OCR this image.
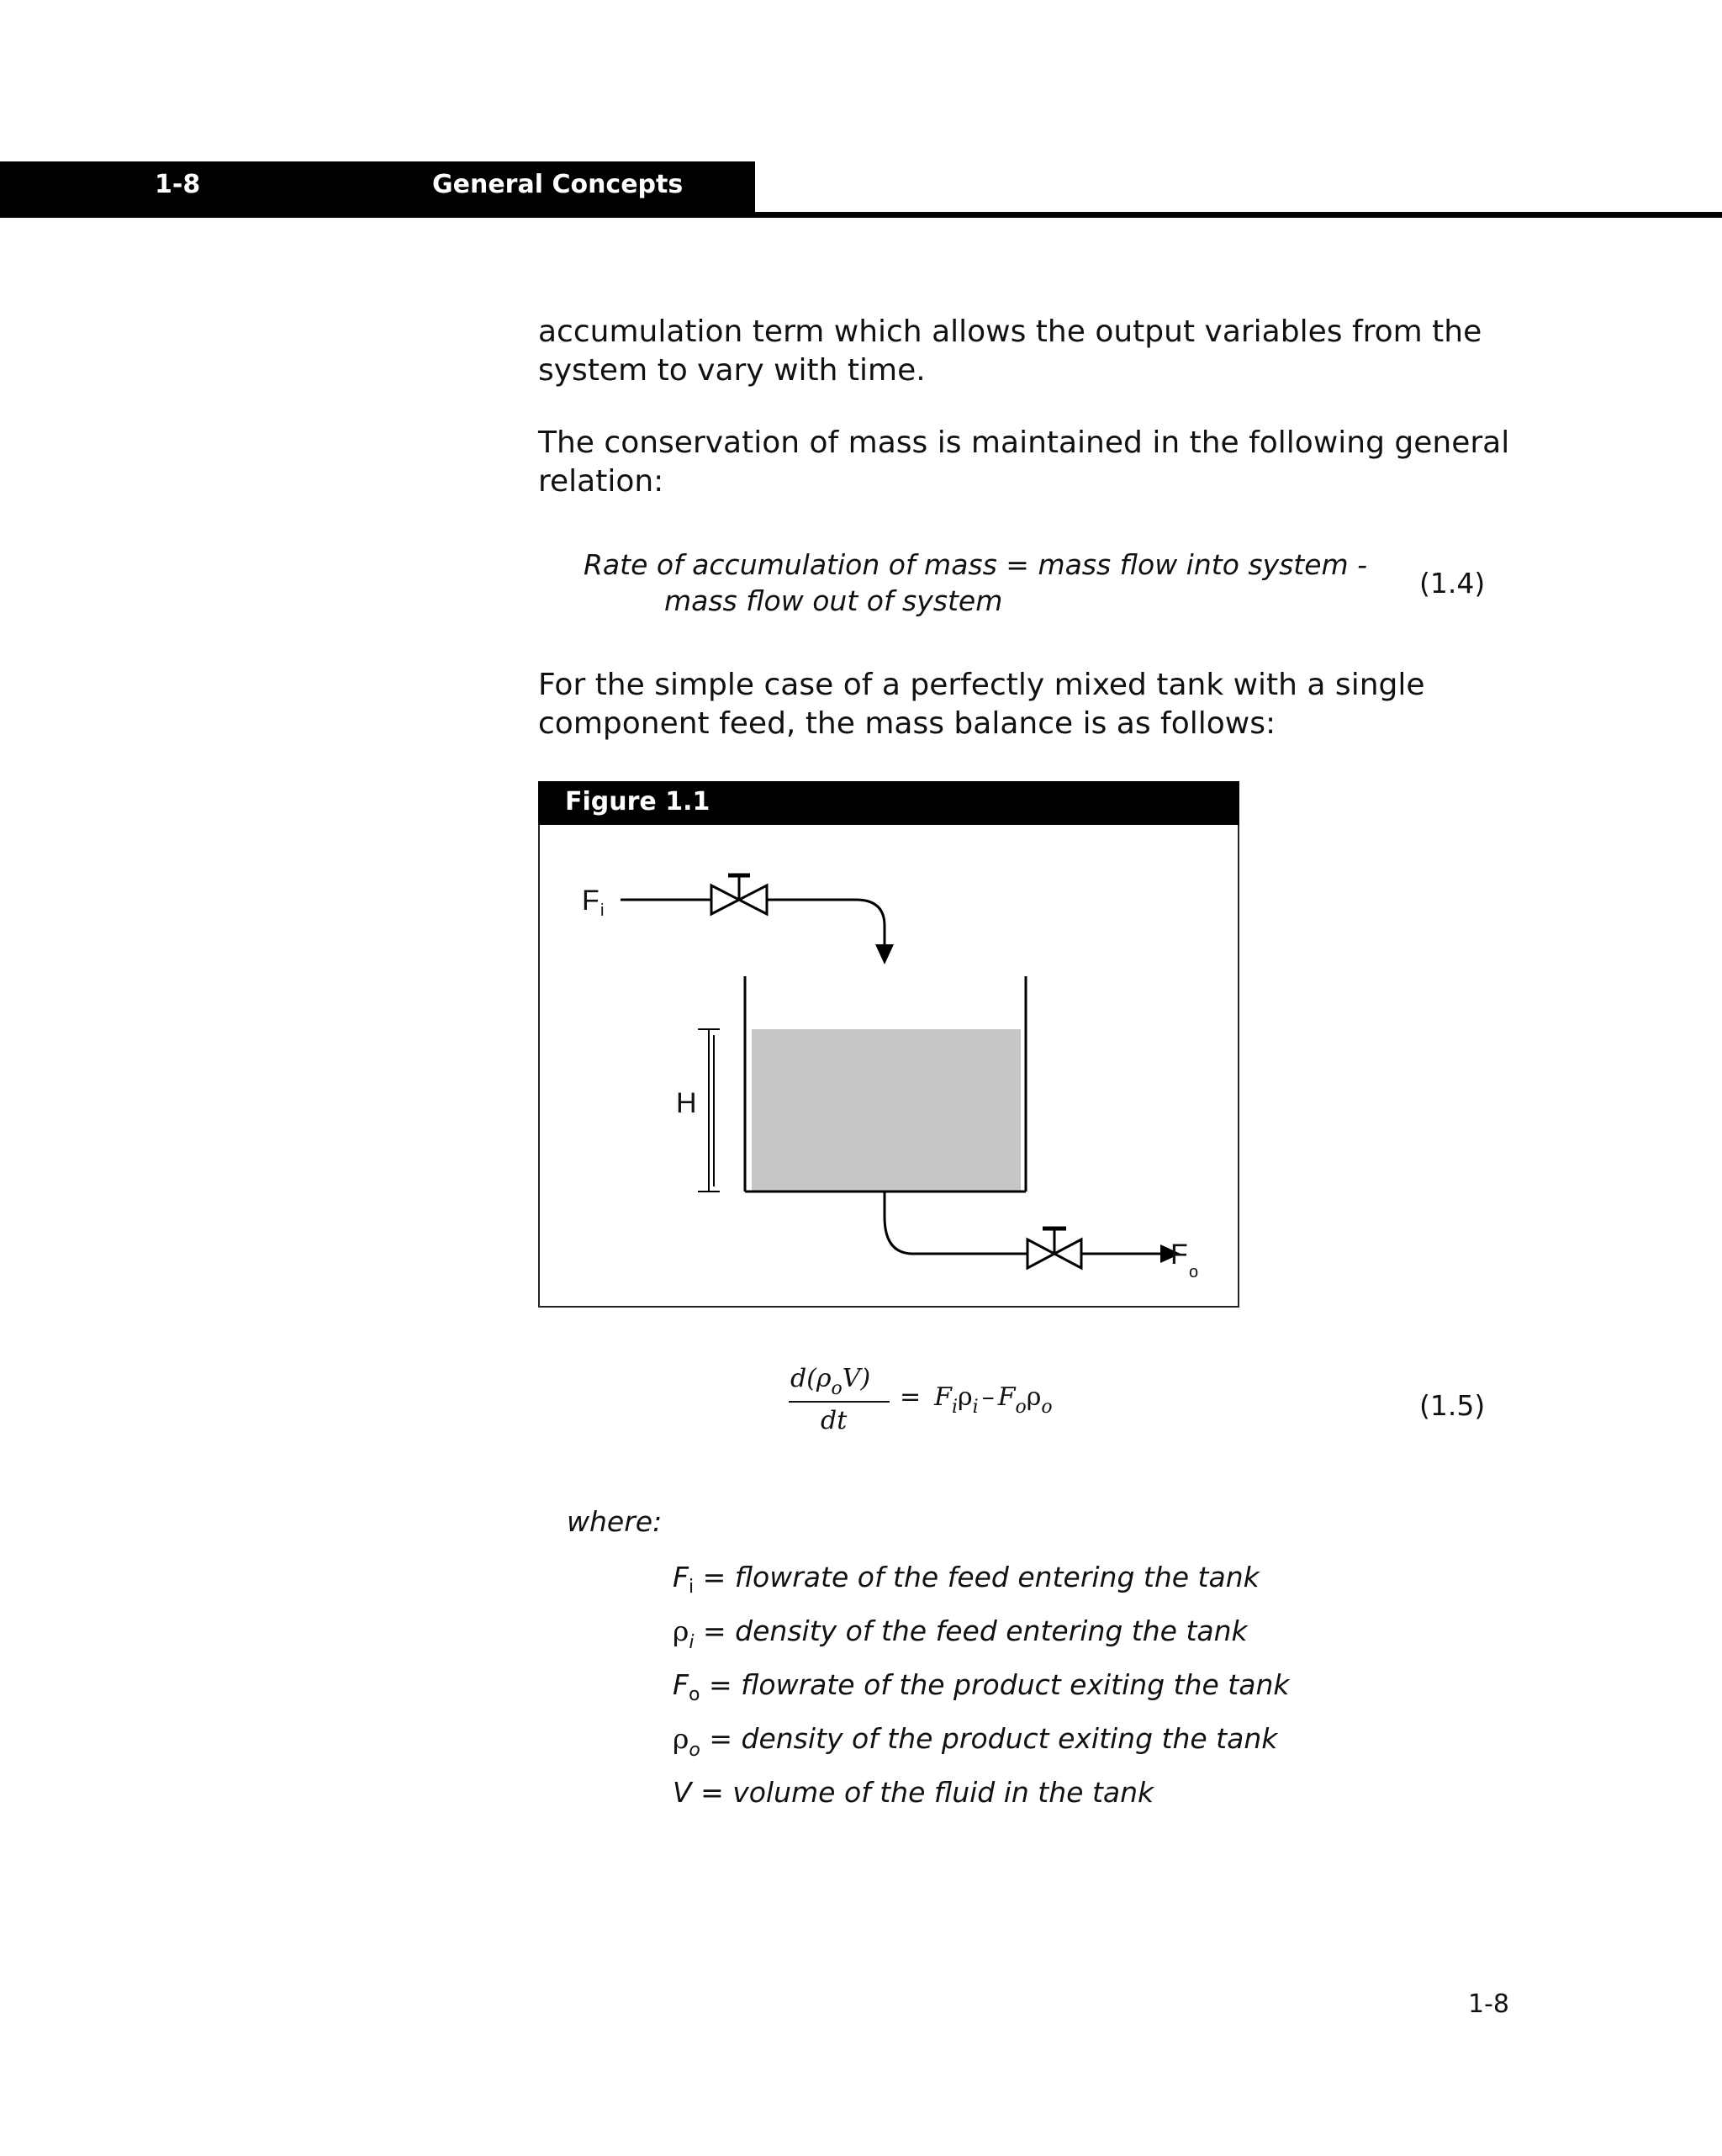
1-8	General Concepts
accumulation term which allows the output variables from the system to vary with time.
The conservation of mass is maintained in the following general relation:
Rate of accumulation of mass = mass flow into system -
mass flow out of system
(1.4)
For the simple case of a perfectly mixed tank with a single component feed, the mass balance is as follows:
Figure 1.1
F i
H
F
o
$d(\rho_oV)$
dt
= $F_i\rho_i - F_o\rho_o$	(1.5)
where:
$F_i$ = flowrate of the feed entering the tank
$\rho_i$ = density of the feed entering the tank
$F_o$ = flowrate of the product exiting the tank
$\rho_o$ = density of the product exiting the tank
V = volume of the fluid in the tank
1-8
